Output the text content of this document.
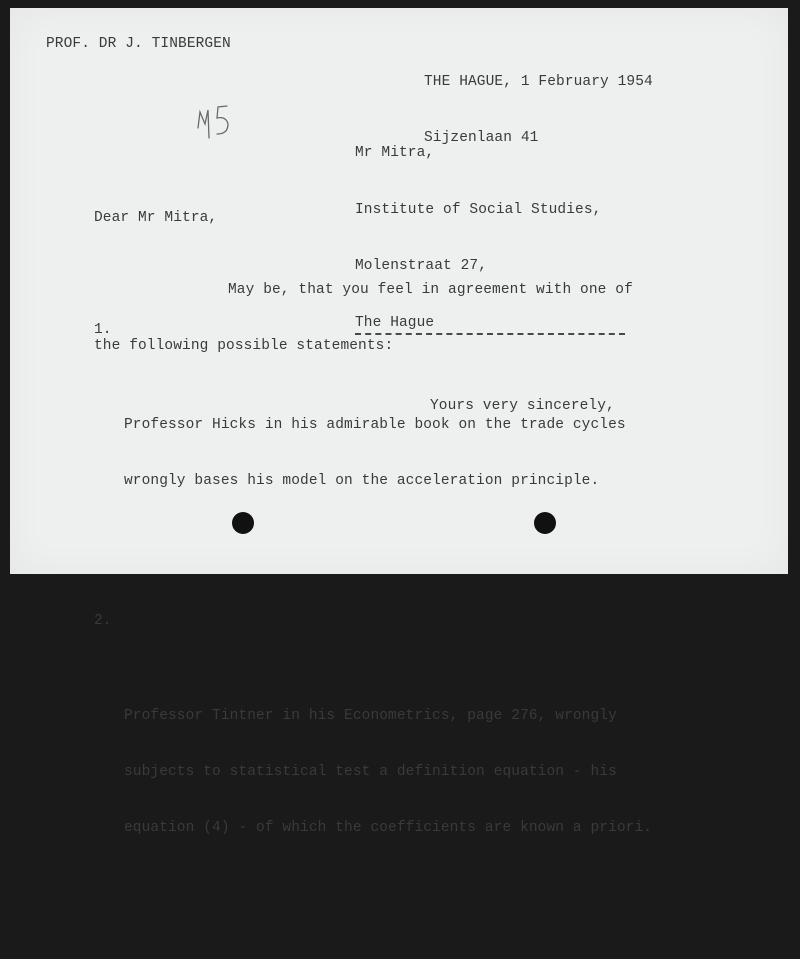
PROF. DR J. TINBERGEN

THE HAGUE, 1 February 1954

Sijzenlaan 41

Mr Mitra,

Institute of Social Studies,

Molenstraat 27,

The Hague

Dear Mr Mitra,

May be, that you feel in agreement with one of

the following possible statements:

1.

Professor Hicks in his admirable book on the trade cycles

wrongly bases his model on the acceleration principle.

2.

Professor Tintner in his Econometrics, page 276, wrongly

subjects to statistical test a definition equation - his

equation (4) - of which the coefficients are known a priori.

Yours very sincerely,
